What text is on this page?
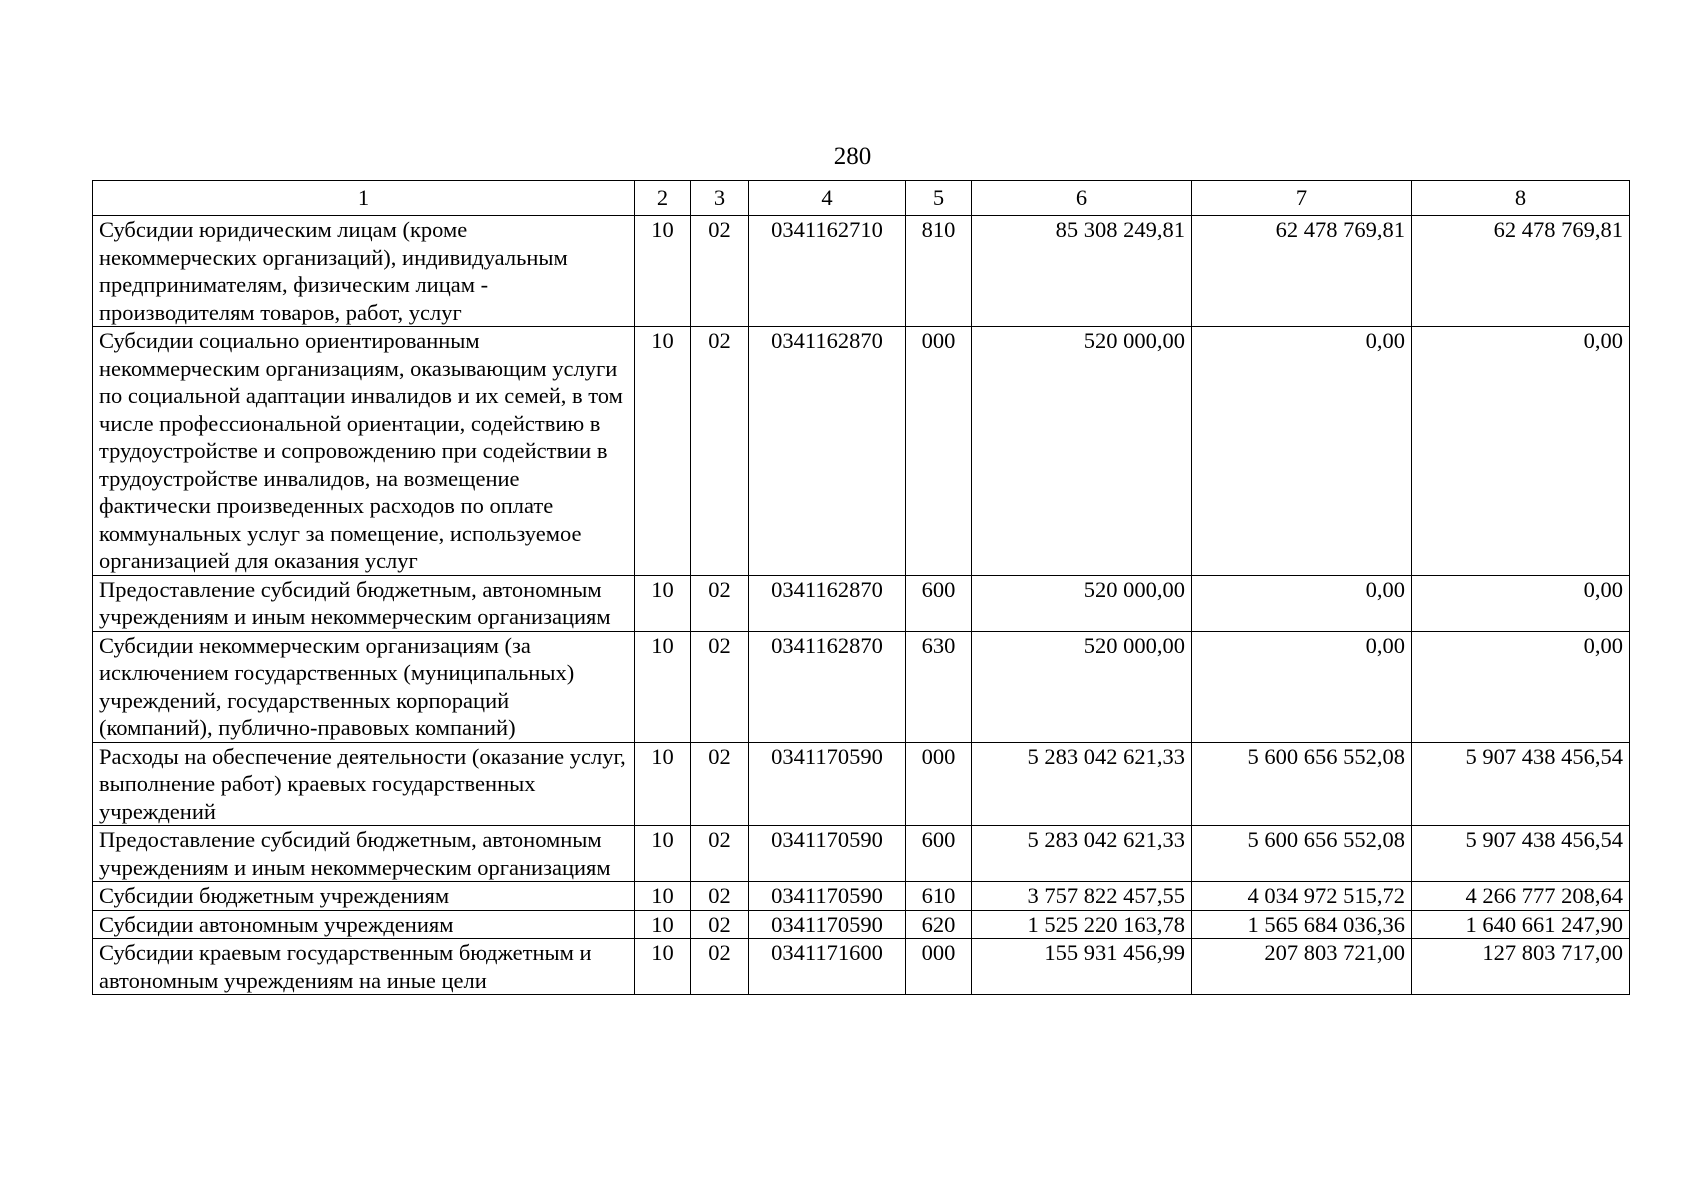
280
1	2	3	4	5	6	7	8
Субсидии юридическим лицам (кроме некоммерческих организаций), индивидуальным предпринимателям, физическим лицам - производителям товаров, работ, услуг	10	02	0341162710	810	85 308 249,81	62 478 769,81	62 478 769,81
Субсидии социально ориентированным некоммерческим организациям, оказывающим услуги по социальной адаптации инвалидов и их семей, в том числе профессиональной ориентации, содействию в трудоустройстве и сопровождению при содействии в трудоустройстве инвалидов, на возмещение фактически произведенных расходов по оплате коммунальных услуг за помещение, используемое организацией для оказания услуг	10	02	0341162870	000	520 000,00	0,00	0,00
Предоставление субсидий бюджетным, автономным учреждениям и иным некоммерческим организациям	10	02	0341162870	600	520 000,00	0,00	0,00
Субсидии некоммерческим организациям (за исключением государственных (муниципальных) учреждений, государственных корпораций (компаний), публично-правовых компаний)	10	02	0341162870	630	520 000,00	0,00	0,00
Расходы на обеспечение деятельности (оказание услуг, выполнение работ) краевых государственных учреждений	10	02	0341170590	000	5 283 042 621,33	5 600 656 552,08	5 907 438 456,54
Предоставление субсидий бюджетным, автономным учреждениям и иным некоммерческим организациям	10	02	0341170590	600	5 283 042 621,33	5 600 656 552,08	5 907 438 456,54
Субсидии бюджетным учреждениям	10	02	0341170590	610	3 757 822 457,55	4 034 972 515,72	4 266 777 208,64
Субсидии автономным учреждениям	10	02	0341170590	620	1 525 220 163,78	1 565 684 036,36	1 640 661 247,90
Субсидии краевым государственным бюджетным и автономным учреждениям на иные цели	10	02	0341171600	000	155 931 456,99	207 803 721,00	127 803 717,00
